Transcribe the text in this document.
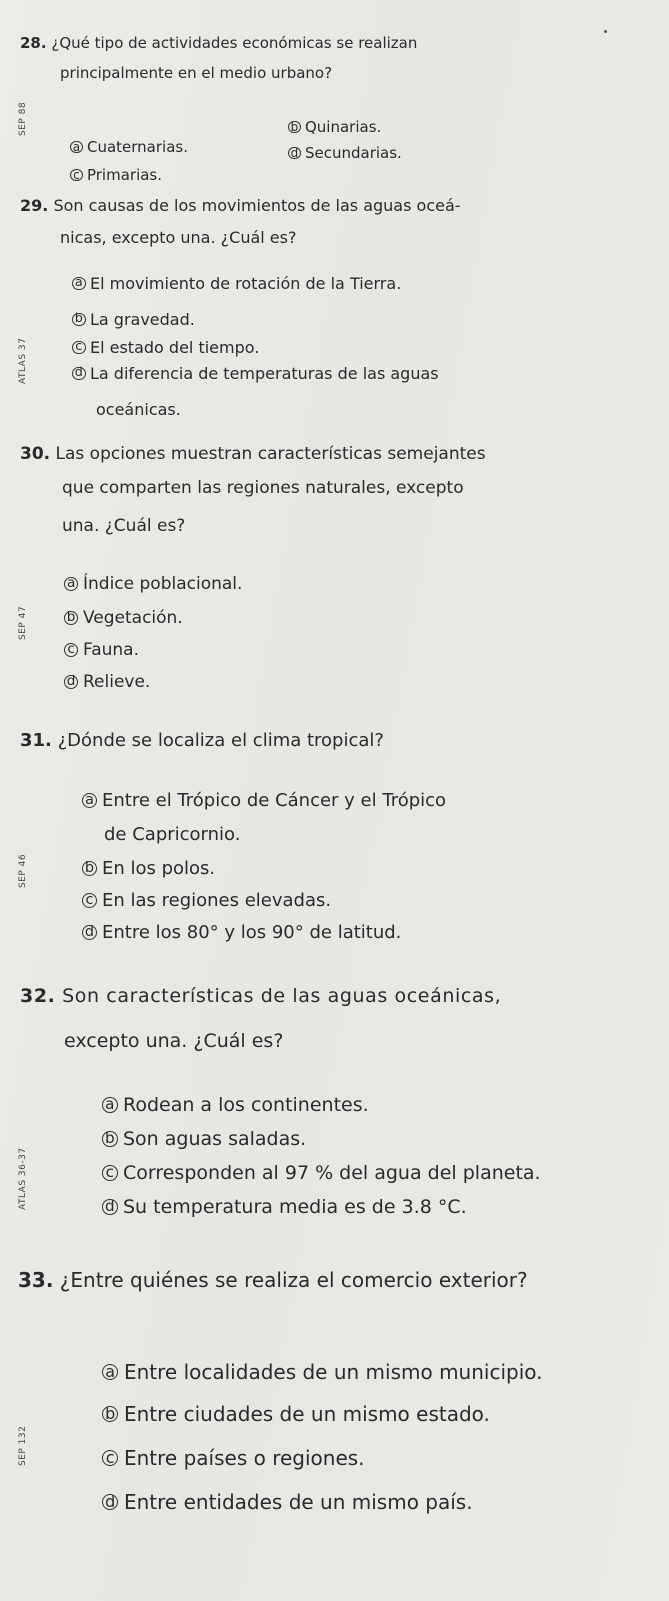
28. ¿Qué tipo de actividades económicas se realizan
principalmente en el medio urbano?
SEP 88
a Cuaternarias.
b Quinarias.
c Primarias.
d Secundarias.
29. Son causas de los movimientos de las aguas oceá-
nicas, excepto una. ¿Cuál es?
ATLAS 37
a El movimiento de rotación de la Tierra.
b La gravedad.
c El estado del tiempo.
d La diferencia de temperaturas de las aguas
oceánicas.
30. Las opciones muestran características semejantes
que comparten las regiones naturales, excepto
una. ¿Cuál es?
SEP 47
a Índice poblacional.
b Vegetación.
c Fauna.
d Relieve.
31. ¿Dónde se localiza el clima tropical?
SEP 46
a Entre el Trópico de Cáncer y el Trópico
de Capricornio.
b En los polos.
c En las regiones elevadas.
d Entre los 80° y los 90° de latitud.
32. Son características de las aguas oceánicas,
excepto una. ¿Cuál es?
ATLAS 36-37
a Rodean a los continentes.
b Son aguas saladas.
c Corresponden al 97 % del agua del planeta.
d Su temperatura media es de 3.8 °C.
33. ¿Entre quiénes se realiza el comercio exterior?
SEP 132
a Entre localidades de un mismo municipio.
b Entre ciudades de un mismo estado.
c Entre países o regiones.
d Entre entidades de un mismo país.
